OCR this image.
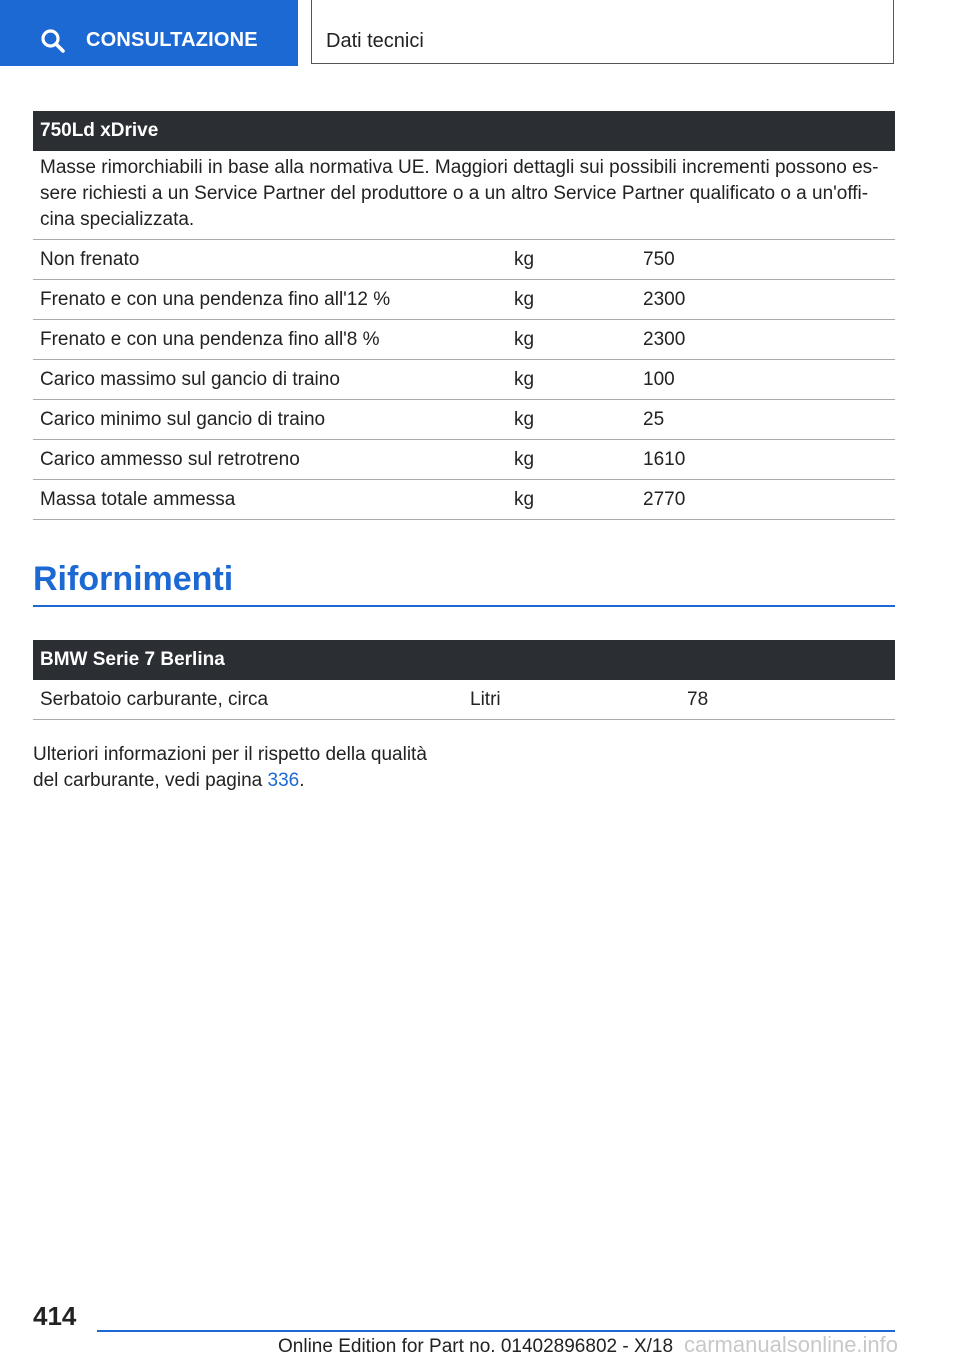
CONSULTAZIONE	Dati tecnici
750Ld xDrive
Masse rimorchiabili in base alla normativa UE. Maggiori dettagli sui possibili incrementi possono es-sere richiesti a un Service Partner del produttore o a un altro Service Partner qualificato o a un'offi-cina specializzata.
Non frenato	kg	750
Frenato e con una pendenza fino all'12 %	kg	2300
Frenato e con una pendenza fino all'8 %	kg	2300
Carico massimo sul gancio di traino	kg	100
Carico minimo sul gancio di traino	kg	25
Carico ammesso sul retrotreno	kg	1610
Massa totale ammessa	kg	2770
Rifornimenti
BMW Serie 7 Berlina
Serbatoio carburante, circa	Litri	78
Ulteriori informazioni per il rispetto della qualità del carburante, vedi pagina 336.
414
Online Edition for Part no. 01402896802 - X/18 carmanualsonline.info
